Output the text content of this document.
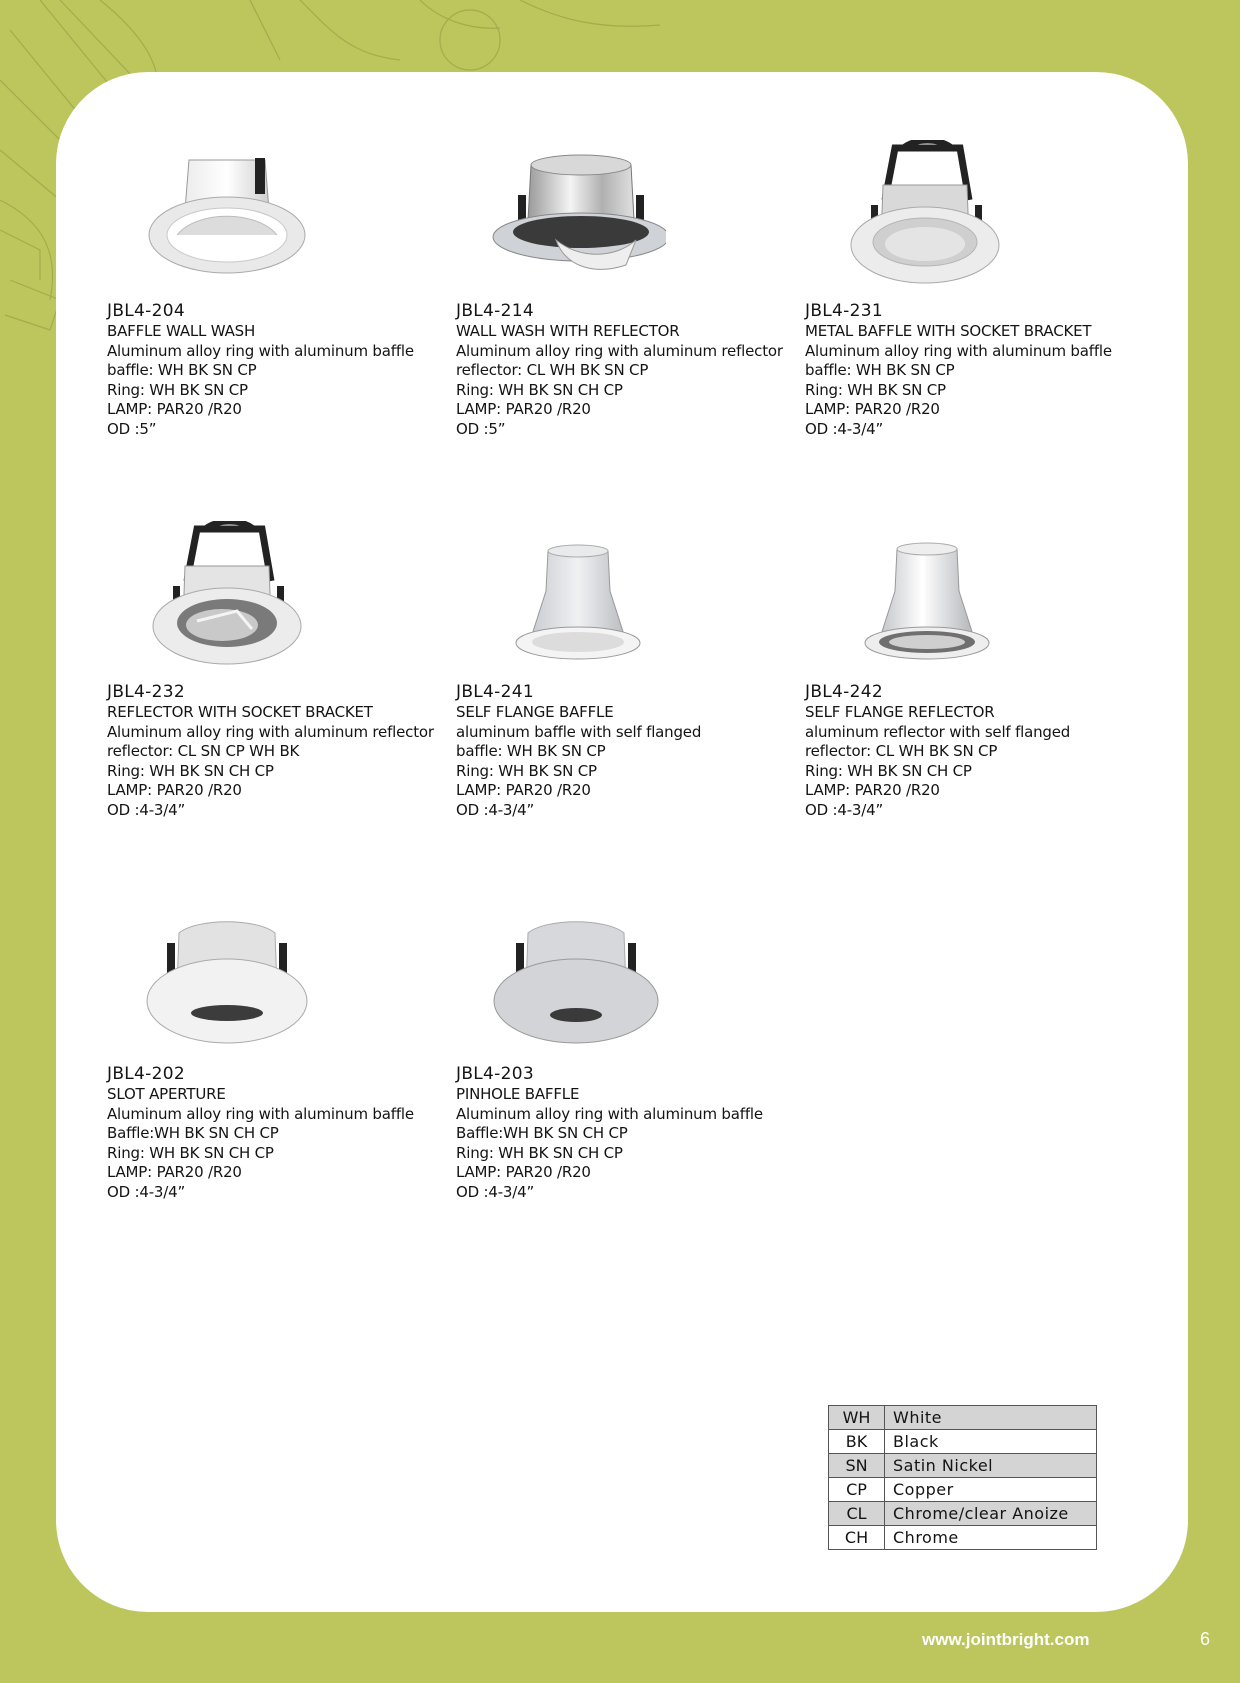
JBL4-204
BAFFLE WALL WASH
Aluminum alloy ring with aluminum baffle
baffle: WH BK SN CP
Ring: WH BK SN CP
LAMP: PAR20 /R20
OD :5”
JBL4-214
WALL WASH WITH REFLECTOR
Aluminum alloy ring with aluminum reflector
reflector: CL WH BK SN CP
Ring: WH BK SN CH CP
LAMP: PAR20 /R20
OD :5”
JBL4-231
METAL BAFFLE WITH SOCKET BRACKET
Aluminum alloy ring with aluminum baffle
baffle: WH BK SN CP
Ring: WH BK SN CP
LAMP: PAR20 /R20
OD :4-3/4”
JBL4-232
REFLECTOR WITH SOCKET BRACKET
Aluminum alloy ring with aluminum reflector
reflector: CL SN CP WH BK
Ring: WH BK SN CH CP
LAMP: PAR20 /R20
OD :4-3/4”
JBL4-241
SELF FLANGE BAFFLE
aluminum baffle with self flanged
baffle: WH BK SN CP
Ring: WH BK SN CP
LAMP: PAR20 /R20
OD :4-3/4”
JBL4-242
SELF FLANGE REFLECTOR
aluminum reflector with self flanged
reflector: CL WH BK SN CP
Ring: WH BK SN CH CP
LAMP: PAR20 /R20
OD :4-3/4”
JBL4-202
SLOT APERTURE
Aluminum alloy ring with aluminum baffle
Baffle:WH BK SN CH CP
Ring: WH BK SN CH CP
LAMP: PAR20 /R20
OD :4-3/4”
JBL4-203
PINHOLE BAFFLE
Aluminum alloy ring with aluminum baffle
Baffle:WH BK SN CH CP
Ring: WH BK SN CH CP
LAMP: PAR20 /R20
OD :4-3/4”
WH	White
BK	Black
SN	Satin Nickel
CP	Copper
CL	Chrome/clear Anoize
CH	Chrome
www.jointbright.com	6
